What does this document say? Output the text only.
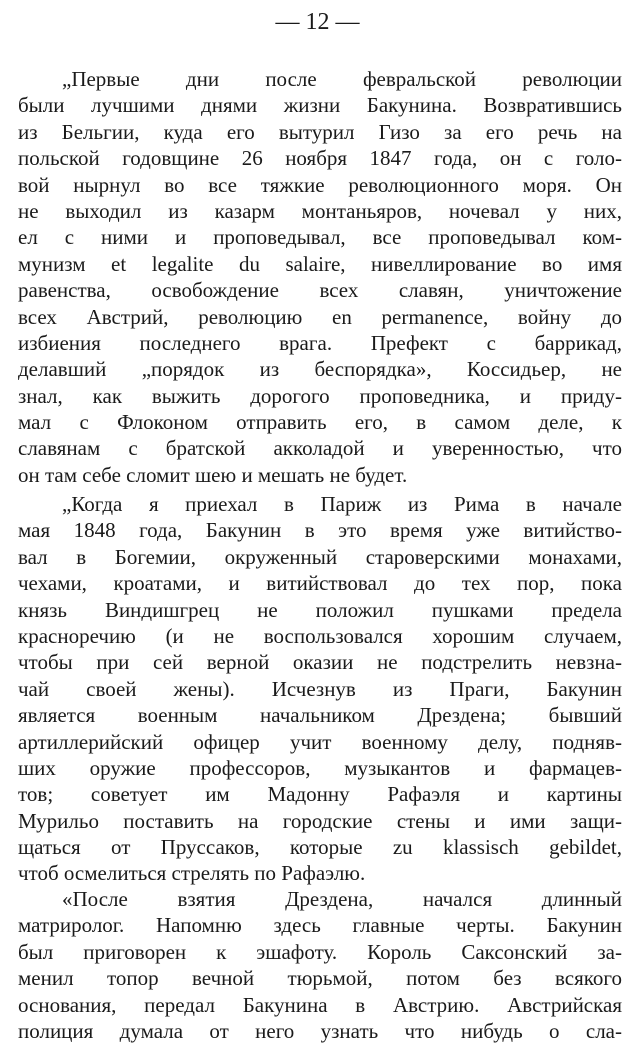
— 12 —
„Первые дни после февральской революции
были лучшими днями жизни Бакунина. Возвратившись
из Бельгии, куда его вытурил Гизо за его речь на
польской годовщине 26 ноября 1847 года, он с голо-
вой нырнул во все тяжкие революционного моря. Он
не выходил из казарм монтаньяров, ночевал у них,
ел с ними и проповедывал, все проповедывал ком-
мунизм et legalite du salaire, нивеллирование во имя
равенства, освобождение всех славян, уничтожение
всех Австрий, революцию en permanence, войну до
избиения последнего врага. Префект с баррикад,
делавший „порядок из беспорядка», Коссидьер, не
знал, как выжить дорогого проповедника, и приду-
мал с Флоконом отправить его, в самом деле, к
славянам с братской акколадой и уверенностью, что
он там себе сломит шею и мешать не будет.
„Когда я приехал в Париж из Рима в начале
мая 1848 года, Бакунин в это время уже витийство-
вал в Богемии, окруженный староверскими монахами,
чехами, кроатами, и витийствовал до тех пор, пока
князь Виндишгрец не положил пушками предела
красноречию (и не воспользовался хорошим случаем,
чтобы при сей верной оказии не подстрелить невзна-
чай своей жены). Исчезнув из Праги, Бакунин
является военным начальником Дрездена; бывший
артиллерийский офицер учит военному делу, подняв-
ших оружие профессоров, музыкантов и фармацев-
тов; советует им Мадонну Рафаэля и картины
Мурильо поставить на городские стены и ими защи-
щаться от Пруссаков, которые zu klassisch gebildet,
чтоб осмелиться стрелять по Рафаэлю.
«После взятия Дрездена, начался длинный
матриролог. Напомню здесь главные черты. Бакунин
был приговорен к эшафоту. Король Саксонский за-
менил топор вечной тюрьмой, потом без всякого
основания, передал Бакунина в Австрию. Австрийская
полиция думала от него узнать что нибудь о сла-
